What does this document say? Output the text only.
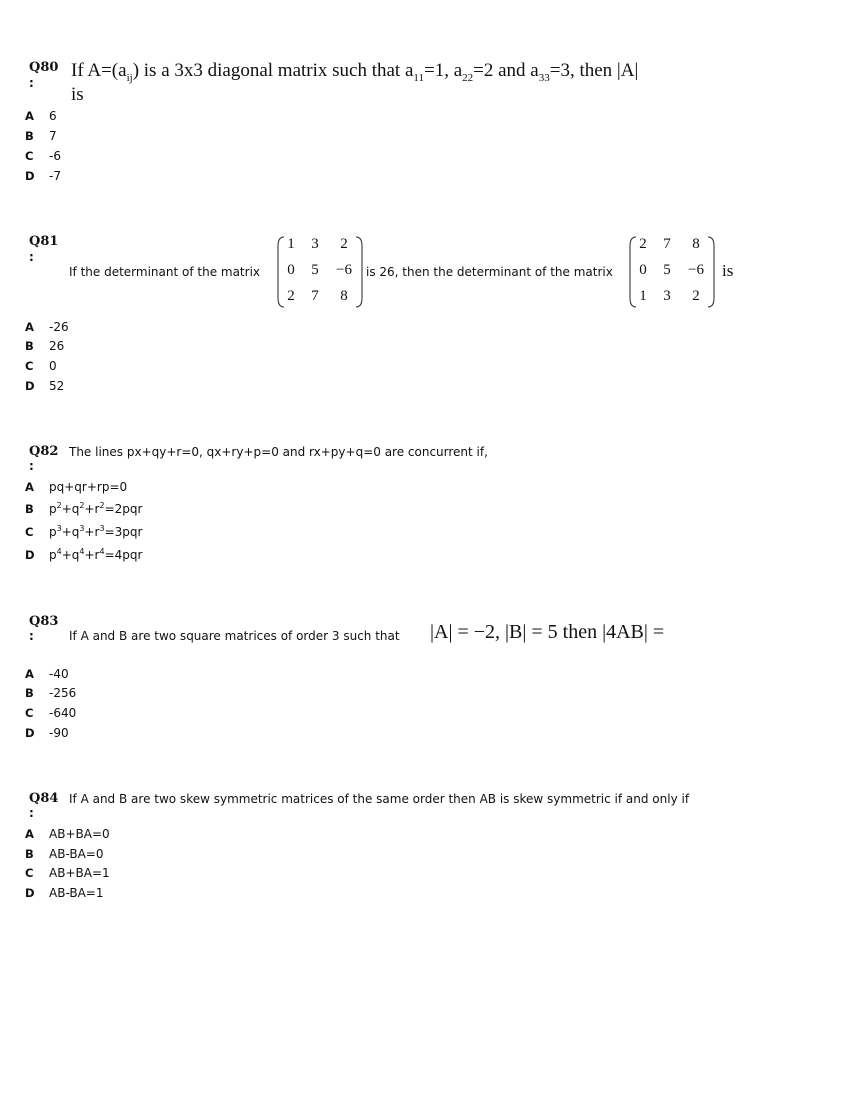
Q80
:
If $A=(a_{ij})$ is a 3x3 diagonal matrix such that $a_{11}=1$, $a_{22}=2$ and $a_{33}=3$, then |A|
is
A 6
B 7
C -6
D -7
Q81
:
If the determinant of the matrix
1	3	2
0	5	−6
2	7	8
is 26, then the determinant of the matrix
2	7	8
0	5	−6
1	3	2
is
A -26
B 26
C 0
D 52
Q82
:
The lines px+qy+r=0, qx+ry+p=0 and rx+py+q=0 are concurrent if,
A pq+qr+rp=0
B $p^2+q^2+r^2=2pqr$
C $p^3+q^3+r^3=3pqr$
D $p^4+q^4+r^4=4pqr$
Q83
:	If A and B are two square matrices of order 3 such that |A| = −2, |B| = 5 then |4AB| =
A -40
B -256
C -640
D -90
Q84
:
If A and B are two skew symmetric matrices of the same order then AB is skew symmetric if and only if
A AB+BA=0
B AB-BA=0
C AB+BA=1
D AB-BA=1
